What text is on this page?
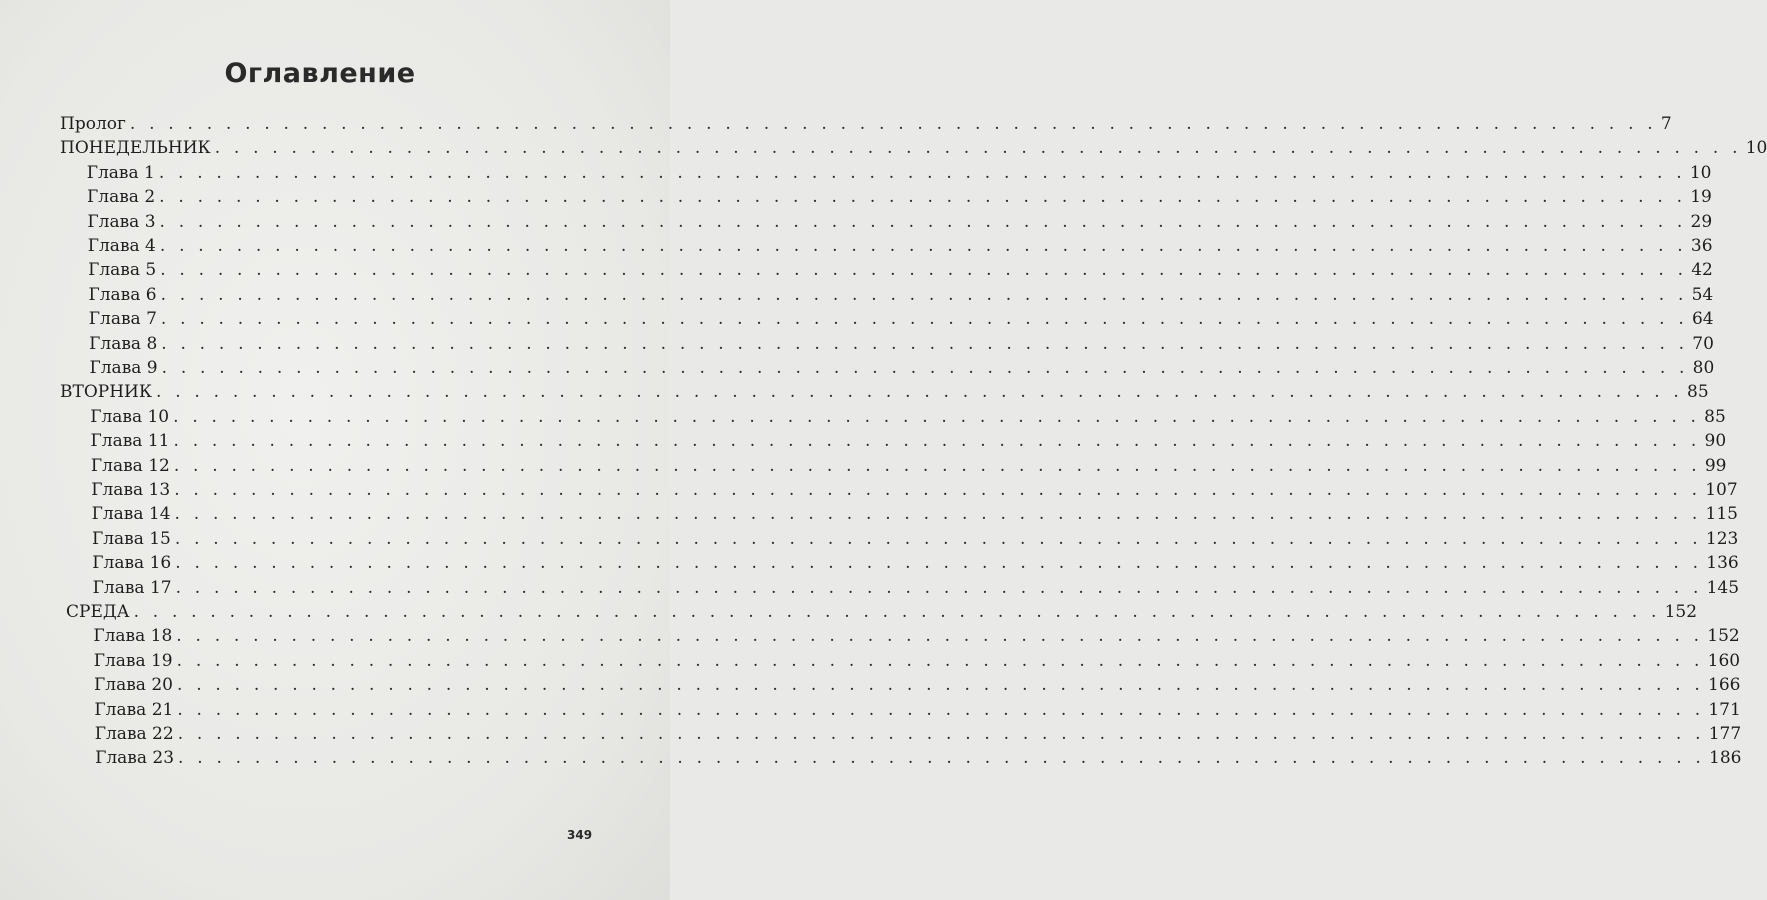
Оглавление
Пролог . . . . . . . . . . . . . . . . . . . . . . . . . . . . . . . . . . . . . . . . . . . . . . . . . . . . . . . . . . . . . . . . . . . . . . . . . . . . . . . . 7
ПОНЕДЕЛЬНИК . . . . . . . . . . . . . . . . . . . . . . . . . . . . . . . . . . . . . . . . . . . . . . . . . . . . . . . . . . . . . . . . . . . . . . . . . . . . . . . . 10
Глава 1 . . . . . . . . . . . . . . . . . . . . . . . . . . . . . . . . . . . . . . . . . . . . . . . . . . . . . . . . . . . . . . . . . . . . . . . . . . . . . . . . 10
Глава 2 . . . . . . . . . . . . . . . . . . . . . . . . . . . . . . . . . . . . . . . . . . . . . . . . . . . . . . . . . . . . . . . . . . . . . . . . . . . . . . . . 19
Глава 3 . . . . . . . . . . . . . . . . . . . . . . . . . . . . . . . . . . . . . . . . . . . . . . . . . . . . . . . . . . . . . . . . . . . . . . . . . . . . . . . . 29
Глава 4 . . . . . . . . . . . . . . . . . . . . . . . . . . . . . . . . . . . . . . . . . . . . . . . . . . . . . . . . . . . . . . . . . . . . . . . . . . . . . . . . 36
Глава 5 . . . . . . . . . . . . . . . . . . . . . . . . . . . . . . . . . . . . . . . . . . . . . . . . . . . . . . . . . . . . . . . . . . . . . . . . . . . . . . . . 42
Глава 6 . . . . . . . . . . . . . . . . . . . . . . . . . . . . . . . . . . . . . . . . . . . . . . . . . . . . . . . . . . . . . . . . . . . . . . . . . . . . . . . . 54
Глава 7 . . . . . . . . . . . . . . . . . . . . . . . . . . . . . . . . . . . . . . . . . . . . . . . . . . . . . . . . . . . . . . . . . . . . . . . . . . . . . . . . 64
Глава 8 . . . . . . . . . . . . . . . . . . . . . . . . . . . . . . . . . . . . . . . . . . . . . . . . . . . . . . . . . . . . . . . . . . . . . . . . . . . . . . . . 70
Глава 9 . . . . . . . . . . . . . . . . . . . . . . . . . . . . . . . . . . . . . . . . . . . . . . . . . . . . . . . . . . . . . . . . . . . . . . . . . . . . . . . . 80
ВТОРНИК . . . . . . . . . . . . . . . . . . . . . . . . . . . . . . . . . . . . . . . . . . . . . . . . . . . . . . . . . . . . . . . . . . . . . . . . . . . . . . . . 85
Глава 10 . . . . . . . . . . . . . . . . . . . . . . . . . . . . . . . . . . . . . . . . . . . . . . . . . . . . . . . . . . . . . . . . . . . . . . . . . . . . . . . . 85
Глава 11 . . . . . . . . . . . . . . . . . . . . . . . . . . . . . . . . . . . . . . . . . . . . . . . . . . . . . . . . . . . . . . . . . . . . . . . . . . . . . . . . 90
Глава 12 . . . . . . . . . . . . . . . . . . . . . . . . . . . . . . . . . . . . . . . . . . . . . . . . . . . . . . . . . . . . . . . . . . . . . . . . . . . . . . . . 99
Глава 13 . . . . . . . . . . . . . . . . . . . . . . . . . . . . . . . . . . . . . . . . . . . . . . . . . . . . . . . . . . . . . . . . . . . . . . . . . . . . . . . . 107
Глава 14 . . . . . . . . . . . . . . . . . . . . . . . . . . . . . . . . . . . . . . . . . . . . . . . . . . . . . . . . . . . . . . . . . . . . . . . . . . . . . . . . 115
Глава 15 . . . . . . . . . . . . . . . . . . . . . . . . . . . . . . . . . . . . . . . . . . . . . . . . . . . . . . . . . . . . . . . . . . . . . . . . . . . . . . . . 123
Глава 16 . . . . . . . . . . . . . . . . . . . . . . . . . . . . . . . . . . . . . . . . . . . . . . . . . . . . . . . . . . . . . . . . . . . . . . . . . . . . . . . . 136
Глава 17 . . . . . . . . . . . . . . . . . . . . . . . . . . . . . . . . . . . . . . . . . . . . . . . . . . . . . . . . . . . . . . . . . . . . . . . . . . . . . . . . 145
СРЕДА . . . . . . . . . . . . . . . . . . . . . . . . . . . . . . . . . . . . . . . . . . . . . . . . . . . . . . . . . . . . . . . . . . . . . . . . . . . . . . . . 152
Глава 18 . . . . . . . . . . . . . . . . . . . . . . . . . . . . . . . . . . . . . . . . . . . . . . . . . . . . . . . . . . . . . . . . . . . . . . . . . . . . . . . . 152
Глава 19 . . . . . . . . . . . . . . . . . . . . . . . . . . . . . . . . . . . . . . . . . . . . . . . . . . . . . . . . . . . . . . . . . . . . . . . . . . . . . . . . 160
Глава 20 . . . . . . . . . . . . . . . . . . . . . . . . . . . . . . . . . . . . . . . . . . . . . . . . . . . . . . . . . . . . . . . . . . . . . . . . . . . . . . . . 166
Глава 21 . . . . . . . . . . . . . . . . . . . . . . . . . . . . . . . . . . . . . . . . . . . . . . . . . . . . . . . . . . . . . . . . . . . . . . . . . . . . . . . . 171
Глава 22 . . . . . . . . . . . . . . . . . . . . . . . . . . . . . . . . . . . . . . . . . . . . . . . . . . . . . . . . . . . . . . . . . . . . . . . . . . . . . . . . 177
Глава 23 . . . . . . . . . . . . . . . . . . . . . . . . . . . . . . . . . . . . . . . . . . . . . . . . . . . . . . . . . . . . . . . . . . . . . . . . . . . . . . . . 186
349
